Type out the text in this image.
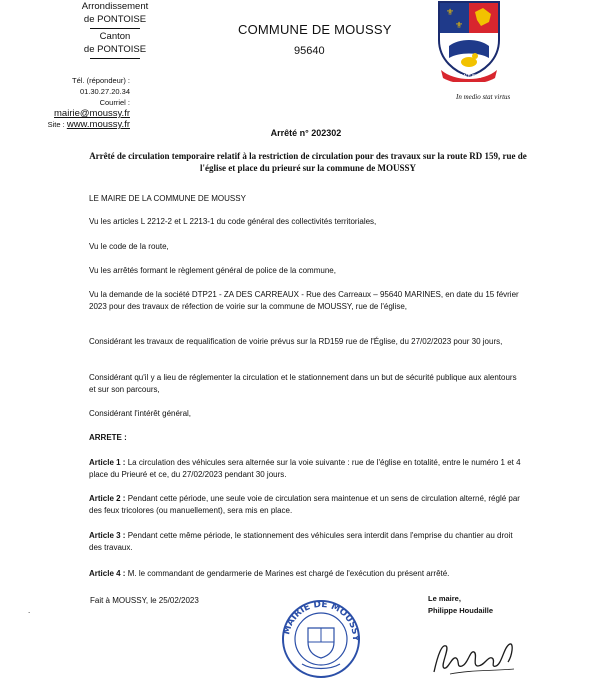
Arrondissement
de PONTOISE
Canton
de PONTOISE
COMMUNE DE MOUSSY
95640
Tél. (répondeur) : 01.30.27.20.34
Courriel : mairie@moussy.fr
Site : www.moussy.fr
⚜
⚜
MOUSSY
In medio stat virtus
Arrêté n° 202302
Arrêté de circulation temporaire relatif à la restriction de circulation pour des travaux sur la route RD 159, rue de l'église et place du prieuré sur la commune de MOUSSY
LE MAIRE DE LA COMMUNE DE MOUSSY
Vu les articles L 2212-2 et L 2213-1 du code général des collectivités territoriales,
Vu le code de la route,
Vu les arrêtés formant le règlement général de police de la commune,
Vu la demande de la société DTP21 - ZA DES CARREAUX - Rue des Carreaux – 95640 MARINES, en date du 15 février 2023 pour des travaux de réfection de voirie sur la commune de MOUSSY, rue de l'église,
Considérant les travaux de requalification de voirie prévus sur la RD159 rue de l'Église, du 27/02/2023 pour 30 jours,
Considérant qu'il y a lieu de réglementer la circulation et le stationnement dans un but de sécurité publique aux alentours et sur son parcours,
Considérant l'intérêt général,
ARRETE :
Article 1 : La circulation des véhicules sera alternée sur la voie suivante : rue de l'église en totalité, entre le numéro 1 et 4 place du Prieuré et ce, du 27/02/2023 pendant 30 jours.
Article 2 : Pendant cette période, une seule voie de circulation sera maintenue et un sens de circulation alterné, réglé par des feux tricolores (ou manuellement), sera mis en place.
Article 3 : Pendant cette même période, le stationnement des véhicules sera interdit dans l'emprise du chantier au droit des travaux.
Article 4 : M. le commandant de gendarmerie de Marines est chargé de l'exécution du présent arrêté.
Fait à MOUSSY, le 25/02/2023
.
Le maire,
Philippe Houdaille
MAIRIE DE MOUSSY
